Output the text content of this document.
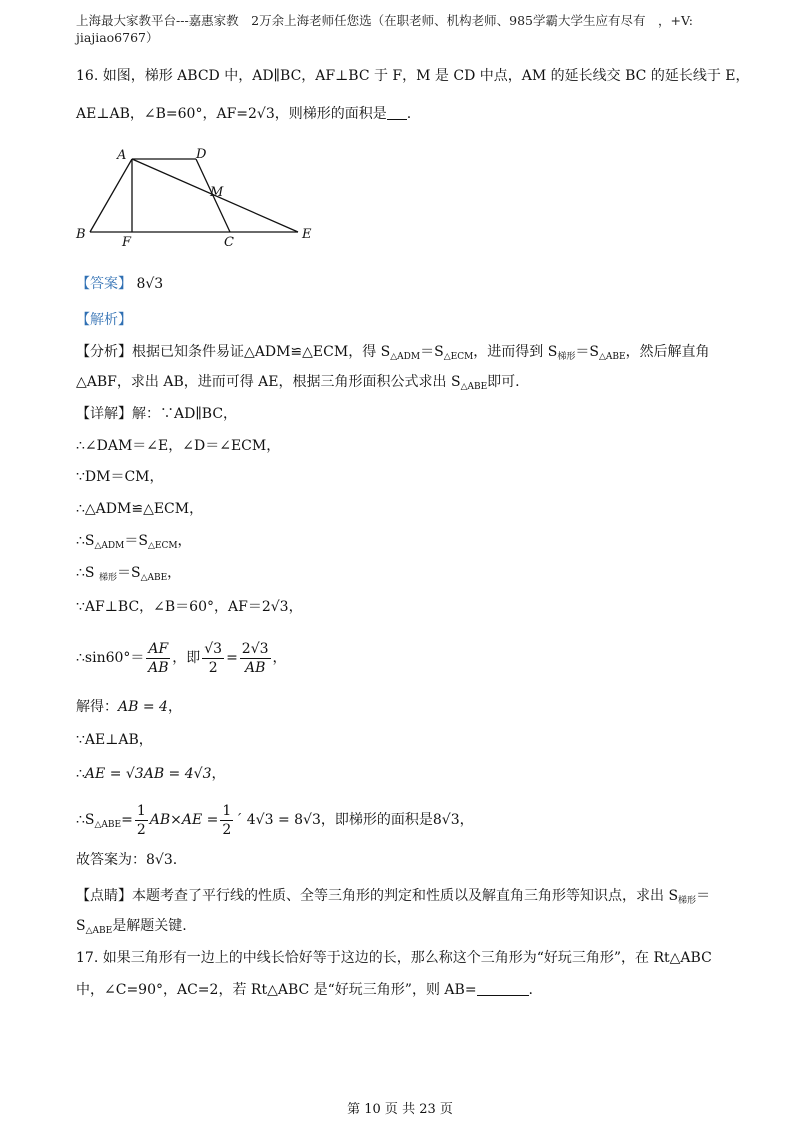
上海最大家教平台---嘉惠家教　2万余上海老师任您选（在职老师、机构老师、985学霸大学生应有尽有　，+V:
jiajiao6767）
16. 如图，梯形 ABCD 中，AD∥BC，AF⊥BC 于 F，M 是 CD 中点，AM 的延长线交 BC 的延长线于 E，
AE⊥AB，∠B=60°，AF=2√3，则梯形的面积是 .
A	D
M
B
F	C
E
【答案】 8√3
【解析】
【分析】根据已知条件易证△ADM≌△ECM，得 $S_{\triangle ADM}=S_{\triangle ECM}$，进而得到 $S_{梯形}=S_{\triangle ABE}$，然后解直角
△ABF，求出 AB，进而可得 AE，根据三角形面积公式求出 $S_{\triangle ABE}$即可.
【详解】解：∵AD∥BC，
∴∠DAM＝∠E，∠D＝∠ECM，
∵DM＝CM，
∴△ADM≌△ECM，
$\therefore S_{\triangle ADM}=S_{\triangle ECM}$，
∴S $_{梯形}=S_{\triangle ABE}$，
∵AF⊥BC，∠B＝60°，AF＝2√3，
∴sin60°＝ $\frac{AF}{AB}$ ，即 $\frac{√3}{2} = \frac{2√3}{AB}$ ，
解得：AB = 4，
∵AE⊥AB，
∴AE = √3AB = 4√3，
$\therefore S_{\triangle ABE}= \frac{1}{2} AB\times AE = \frac{1}{2}$ ´ 4√3 = 8√3，即梯形的面积是8√3，
故答案为：8√3.
【点睛】本题考查了平行线的性质、全等三角形的判定和性质以及解直角三角形等知识点，求出 $S_{梯形}=$
$S_{\triangle ABE}$是解题关键.
17. 如果三角形有一边上的中线长恰好等于这边的长，那么称这个三角形为“好玩三角形”，在 Rt△ABC
中，∠C=90°，AC=2，若 Rt△ABC 是“好玩三角形”，则 AB=	.
第 10 页 共 23 页
